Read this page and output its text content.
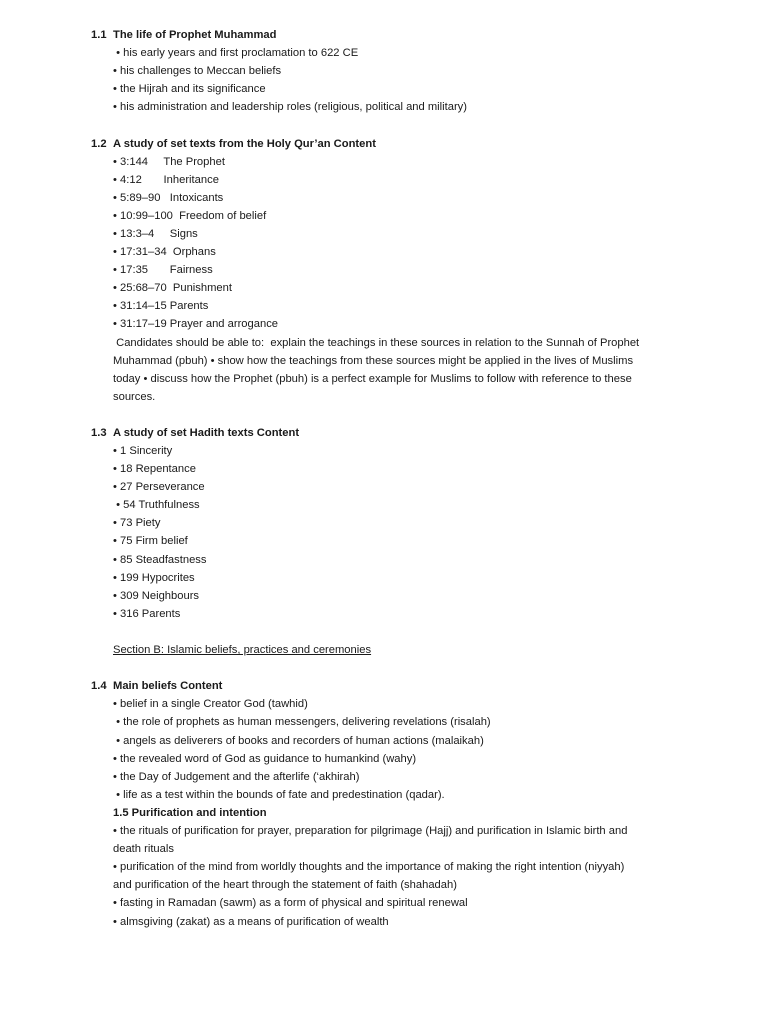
1.1 The life of Prophet Muhammad
• his early years and first proclamation to 622 CE
• his challenges to Meccan beliefs
• the Hijrah and its significance
• his administration and leadership roles (religious, political and military)
1.2 A study of set texts from the Holy Qur’an Content
• 3:144     The Prophet
• 4:12       Inheritance
• 5:89–90   Intoxicants
• 10:99–100  Freedom of belief
• 13:3–4     Signs
• 17:31–34  Orphans
• 17:35       Fairness
• 25:68–70  Punishment
• 31:14–15 Parents
• 31:17–19 Prayer and arrogance
Candidates should be able to:  explain the teachings in these sources in relation to the Sunnah of Prophet
Muhammad (pbuh) • show how the teachings from these sources might be applied in the lives of Muslims
today • discuss how the Prophet (pbuh) is a perfect example for Muslims to follow with reference to these
sources.
1.3 A study of set Hadith texts Content
• 1 Sincerity
• 18 Repentance
• 27 Perseverance
• 54 Truthfulness
• 73 Piety
• 75 Firm belief
• 85 Steadfastness
• 199 Hypocrites
• 309 Neighbours
• 316 Parents
Section B: Islamic beliefs, practices and ceremonies
1.4 Main beliefs Content
• belief in a single Creator God (tawhid)
• the role of prophets as human messengers, delivering revelations (risalah)
• angels as deliverers of books and recorders of human actions (malaikah)
• the revealed word of God as guidance to humankind (wahy)
• the Day of Judgement and the afterlife (‘akhirah)
• life as a test within the bounds of fate and predestination (qadar).
1.5 Purification and intention
• the rituals of purification for prayer, preparation for pilgrimage (Hajj) and purification in Islamic birth and
death rituals
• purification of the mind from worldly thoughts and the importance of making the right intention (niyyah)
and purification of the heart through the statement of faith (shahadah)
• fasting in Ramadan (sawm) as a form of physical and spiritual renewal
• almsgiving (zakat) as a means of purification of wealth
